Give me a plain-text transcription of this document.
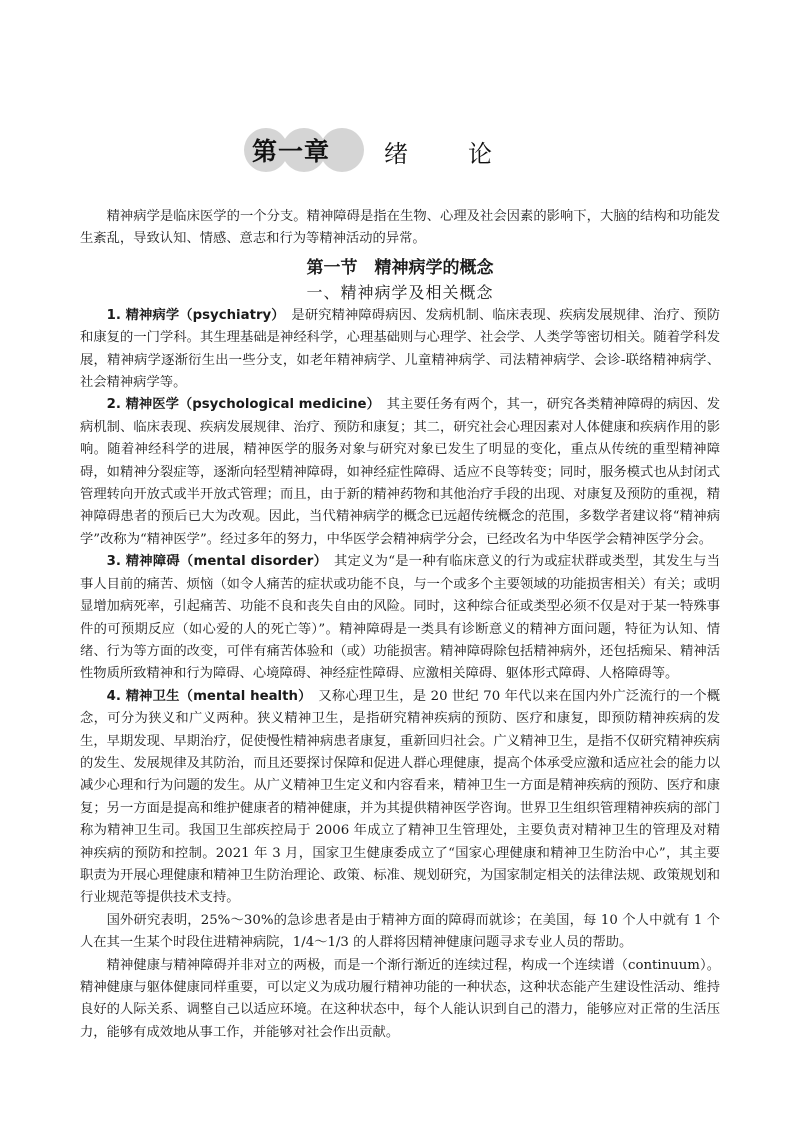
第一章 绪论

精神病学是临床医学的一个分支。精神障碍是指在生物、心理及社会因素的影响下，大脑的结构和功能发生紊乱，导致认知、情感、意志和行为等精神活动的异常。

第一节　精神病学的概念

一、精神病学及相关概念

1. 精神病学（psychiatry）　 是研究精神障碍病因、发病机制、临床表现、疾病发展规律、治疗、预防和康复的一门学科。其生理基础是神经科学，心理基础则与心理学、社会学、人类学等密切相关。随着学科发展，精神病学逐渐衍生出一些分支，如老年精神病学、儿童精神病学、司法精神病学、会诊-联络精神病学、社会精神病学等。

2. 精神医学（psychological medicine）　 其主要任务有两个，其一，研究各类精神障碍的病因、发病机制、临床表现、疾病发展规律、治疗、预防和康复；其二，研究社会心理因素对人体健康和疾病作用的影响。随着神经科学的进展，精神医学的服务对象与研究对象已发生了明显的变化，重点从传统的重型精神障碍，如精神分裂症等，逐渐向轻型精神障碍，如神经症性障碍、适应不良等转变；同时，服务模式也从封闭式管理转向开放式或半开放式管理；而且，由于新的精神药物和其他治疗手段的出现、对康复及预防的重视，精神障碍患者的预后已大为改观。因此，当代精神病学的概念已远超传统概念的范围，多数学者建议将“精神病学”改称为“精神医学”。经过多年的努力，中华医学会精神病学分会，已经改名为中华医学会精神医学分会。

3. 精神障碍（mental disorder）　 其定义为“是一种有临床意义的行为或症状群或类型，其发生与当事人目前的痛苦、烦恼（如令人痛苦的症状或功能不良，与一个或多个主要领域的功能损害相关）有关；或明显增加病死率，引起痛苦、功能不良和丧失自由的风险。同时，这种综合征或类型必须不仅是对于某一特殊事件的可预期反应（如心爱的人的死亡等）”。精神障碍是一类具有诊断意义的精神方面问题，特征为认知、情绪、行为等方面的改变，可伴有痛苦体验和（或）功能损害。精神障碍除包括精神病外，还包括痴呆、精神活性物质所致精神和行为障碍、心境障碍、神经症性障碍、应激相关障碍、躯体形式障碍、人格障碍等。

4. 精神卫生（mental health）　 又称心理卫生，是 20 世纪 70 年代以来在国内外广泛流行的一个概念，可分为狭义和广义两种。狭义精神卫生，是指研究精神疾病的预防、医疗和康复，即预防精神疾病的发生，早期发现、早期治疗，促使慢性精神病患者康复，重新回归社会。广义精神卫生，是指不仅研究精神疾病的发生、发展规律及其防治，而且还要探讨保障和促进人群心理健康，提高个体承受应激和适应社会的能力以减少心理和行为问题的发生。从广义精神卫生定义和内容看来，精神卫生一方面是精神疾病的预防、医疗和康复；另一方面是提高和维护健康者的精神健康，并为其提供精神医学咨询。世界卫生组织管理精神疾病的部门称为精神卫生司。我国卫生部疾控局于 2006 年成立了精神卫生管理处，主要负责对精神卫生的管理及对精神疾病的预防和控制。2021 年 3 月，国家卫生健康委成立了“国家心理健康和精神卫生防治中心”，其主要职责为开展心理健康和精神卫生防治理论、政策、标准、规划研究，为国家制定相关的法律法规、政策规划和行业规范等提供技术支持。

国外研究表明，25%～30%的急诊患者是由于精神方面的障碍而就诊；在美国，每 10 个人中就有 1 个人在其一生某个时段住进精神病院，1/4～1/3 的人群将因精神健康问题寻求专业人员的帮助。

精神健康与精神障碍并非对立的两极，而是一个渐行渐近的连续过程，构成一个连续谱（continuum）。精神健康与躯体健康同样重要，可以定义为成功履行精神功能的一种状态，这种状态能产生建设性活动、维持良好的人际关系、调整自己以适应环境。在这种状态中，每个人能认识到自己的潜力，能够应对正常的生活压力，能够有成效地从事工作，并能够对社会作出贡献。
